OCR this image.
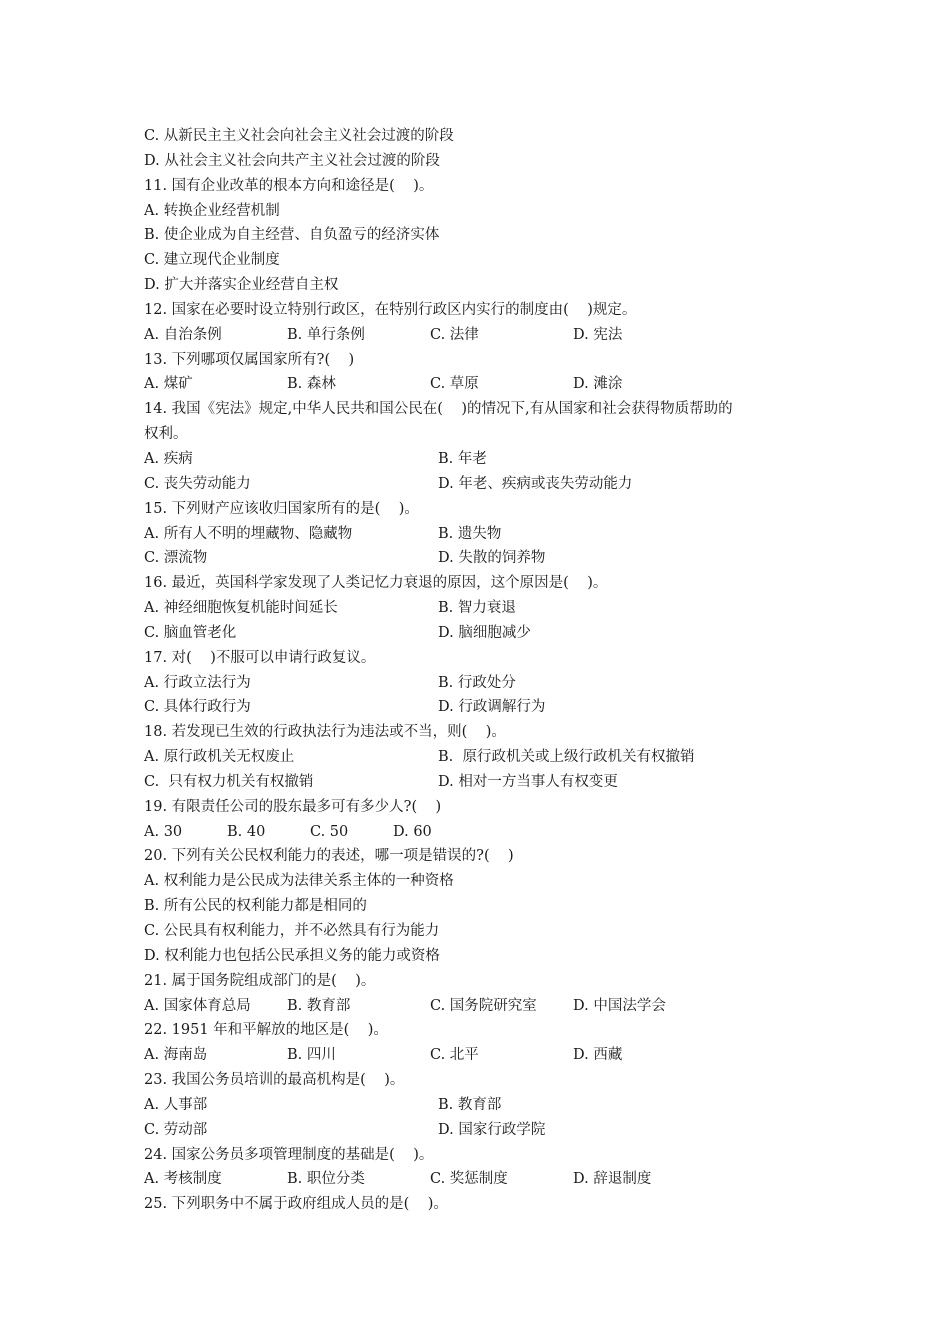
C. 从新民主主义社会向社会主义社会过渡的阶段
D. 从社会主义社会向共产主义社会过渡的阶段
11. 国有企业改革的根本方向和途径是(    )。
A. 转换企业经营机制
B. 使企业成为自主经营、自负盈亏的经济实体
C. 建立现代企业制度
D. 扩大并落实企业经营自主权
12. 国家在必要时设立特别行政区，在特别行政区内实行的制度由(    )规定。
A. 自治条例	B. 单行条例	C. 法律	D. 宪法
13. 下列哪项仅属国家所有?(    )
A. 煤矿	B. 森林	C. 草原	D. 滩涂
14. 我国《宪法》规定,中华人民共和国公民在(    )的情况下,有从国家和社会获得物质帮助的
权利。
A. 疾病	B. 年老
C. 丧失劳动能力	D. 年老、疾病或丧失劳动能力
15. 下列财产应该收归国家所有的是(    )。
A. 所有人不明的埋藏物、隐藏物	B. 遗失物
C. 漂流物	D. 失散的饲养物
16. 最近，英国科学家发现了人类记忆力衰退的原因，这个原因是(    )。
A. 神经细胞恢复机能时间延长	B. 智力衰退
C. 脑血管老化	D. 脑细胞减少
17. 对(    )不服可以申请行政复议。
A. 行政立法行为	B. 行政处分
C. 具体行政行为	D. 行政调解行为
18. 若发现已生效的行政执法行为违法或不当，则(    )。
A. 原行政机关无权废止	B.  原行政机关或上级行政机关有权撤销
C.  只有权力机关有权撤销	D. 相对一方当事人有权变更
19. 有限责任公司的股东最多可有多少人?(    )
A. 30	B. 40	C. 50	D. 60
20. 下列有关公民权利能力的表述，哪一项是错误的?(    )
A. 权利能力是公民成为法律关系主体的一种资格
B. 所有公民的权利能力都是相同的
C. 公民具有权利能力，并不必然具有行为能力
D. 权利能力也包括公民承担义务的能力或资格
21. 属于国务院组成部门的是(    )。
A. 国家体育总局	B. 教育部	C. 国务院研究室	D. 中国法学会
22. 1951 年和平解放的地区是(    )。
A. 海南岛	B. 四川	C. 北平	D. 西藏
23. 我国公务员培训的最高机构是(    )。
A. 人事部	B. 教育部
C. 劳动部	D. 国家行政学院
24. 国家公务员多项管理制度的基础是(    )。
A. 考核制度	B. 职位分类	C. 奖惩制度	D. 辞退制度
25. 下列职务中不属于政府组成人员的是(    )。
